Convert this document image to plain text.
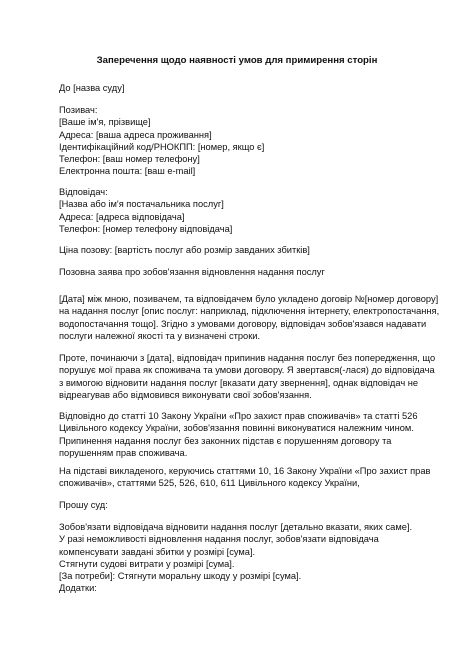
Заперечення щодо наявності умов для примирення сторін
До [назва суду]
Позивач:
[Ваше ім'я, прізвище]
Адреса: [ваша адреса проживання]
Ідентифікаційний код/РНОКПП: [номер, якщо є]
Телефон: [ваш номер телефону]
Електронна пошта: [ваш e-mail]
Відповідач:
[Назва або ім'я постачальника послуг]
Адреса: [адреса відповідача]
Телефон: [номер телефону відповідача]
Ціна позову: [вартість послуг або розмір завданих збитків]
Позовна заява про зобов'язання відновлення надання послуг
[Дата] між мною, позивачем, та відповідачем було укладено договір №[номер договору]
на надання послуг [опис послуг: наприклад, підключення інтернету, електропостачання,
водопостачання тощо]. Згідно з умовами договору, відповідач зобов'язався надавати
послуги належної якості та у визначені строки.
Проте, починаючи з [дата], відповідач припинив надання послуг без попередження, що
порушує мої права як споживача та умови договору. Я звертався(-лася) до відповідача
з вимогою відновити надання послуг [вказати дату звернення], однак відповідач не
відреагував або відмовився виконувати свої зобов'язання.
Відповідно до статті 10 Закону України «Про захист прав споживачів» та статті 526
Цивільного кодексу України, зобов'язання повинні виконуватися належним чином.
Припинення надання послуг без законних підстав є порушенням договору та
порушенням прав споживача.
На підставі викладеного, керуючись статтями 10, 16 Закону України «Про захист прав
споживачів», статтями 525, 526, 610, 611 Цивільного кодексу України,
Прошу суд:
Зобов'язати відповідача відновити надання послуг [детально вказати, яких саме].
У разі неможливості відновлення надання послуг, зобов'язати відповідача
компенсувати завдані збитки у розмірі [сума].
Стягнути судові витрати у розмірі [сума].
[За потреби]: Стягнути моральну шкоду у розмірі [сума].
Додатки:
